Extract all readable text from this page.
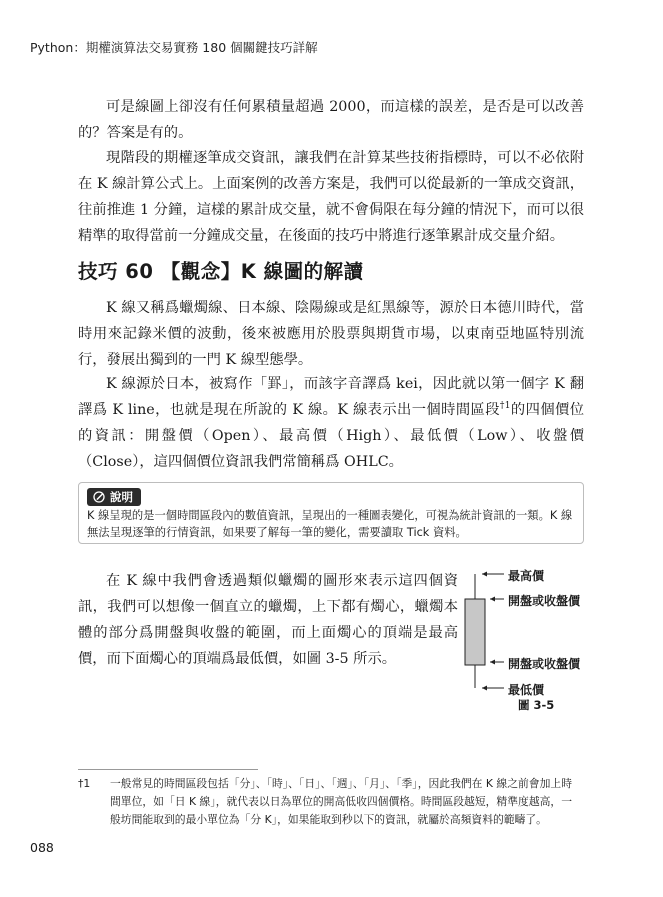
Python：期權演算法交易實務 180 個關鍵技巧詳解

可是線圖上卻沒有任何累積量超過 2000，而這樣的誤差，是否是可以改善的？答案是有的。

現階段的期權逐筆成交資訊，讓我們在計算某些技術指標時，可以不必依附在 K 線計算公式上。上面案例的改善方案是，我們可以從最新的一筆成交資訊，往前推進 1 分鐘，這樣的累計成交量，就不會侷限在每分鐘的情況下，而可以很精準的取得當前一分鐘成交量，在後面的技巧中將進行逐筆累計成交量介紹。

技巧 60 【觀念】K 線圖的解讀

K 線又稱爲蠟燭線、日本線、陰陽線或是紅黑線等，源於日本德川時代，當時用來記錄米價的波動，後來被應用於股票與期貨市場，以東南亞地區特別流行，發展出獨到的一門 K 線型態學。

K 線源於日本，被寫作「罫」，而該字音譯爲 kei，因此就以第一個字 K 翻譯爲 K line，也就是現在所說的 K 線。K 線表示出一個時間區段$^{\dagger 1}$的四個價位的資訊：開盤價（Open）、最高價（High）、最低價（Low）、收盤價（Close），這四個價位資訊我們常簡稱爲 OHLC。

說明

K 線呈現的是一個時間區段內的數值資訊，呈現出的一種圖表變化，可視為統計資訊的一類。K 線無法呈現逐筆的行情資訊，如果要了解每一筆的變化，需要讀取 Tick 資料。

在 K 線中我們會透過類似蠟燭的圖形來表示這四個資訊，我們可以想像一個直立的蠟燭，上下都有燭心，蠟燭本體的部分爲開盤與收盤的範圍，而上面燭心的頂端是最高價，而下面燭心的頂端爲最低價，如圖 3-5 所示。

最高價
開盤或收盤價
開盤或收盤價
最低價
圖 3-5
†1 一般常見的時間區段包括「分」、「時」、「日」、「週」、「月」、「季」，因此我們在 K 線之前會加上時間單位，如「日 K 線」，就代表以日為單位的開高低收四個價格。時間區段越短，精準度越高，一般坊間能取到的最小單位為「分 K」，如果能取到秒以下的資訊，就屬於高頻資料的範疇了。

088
